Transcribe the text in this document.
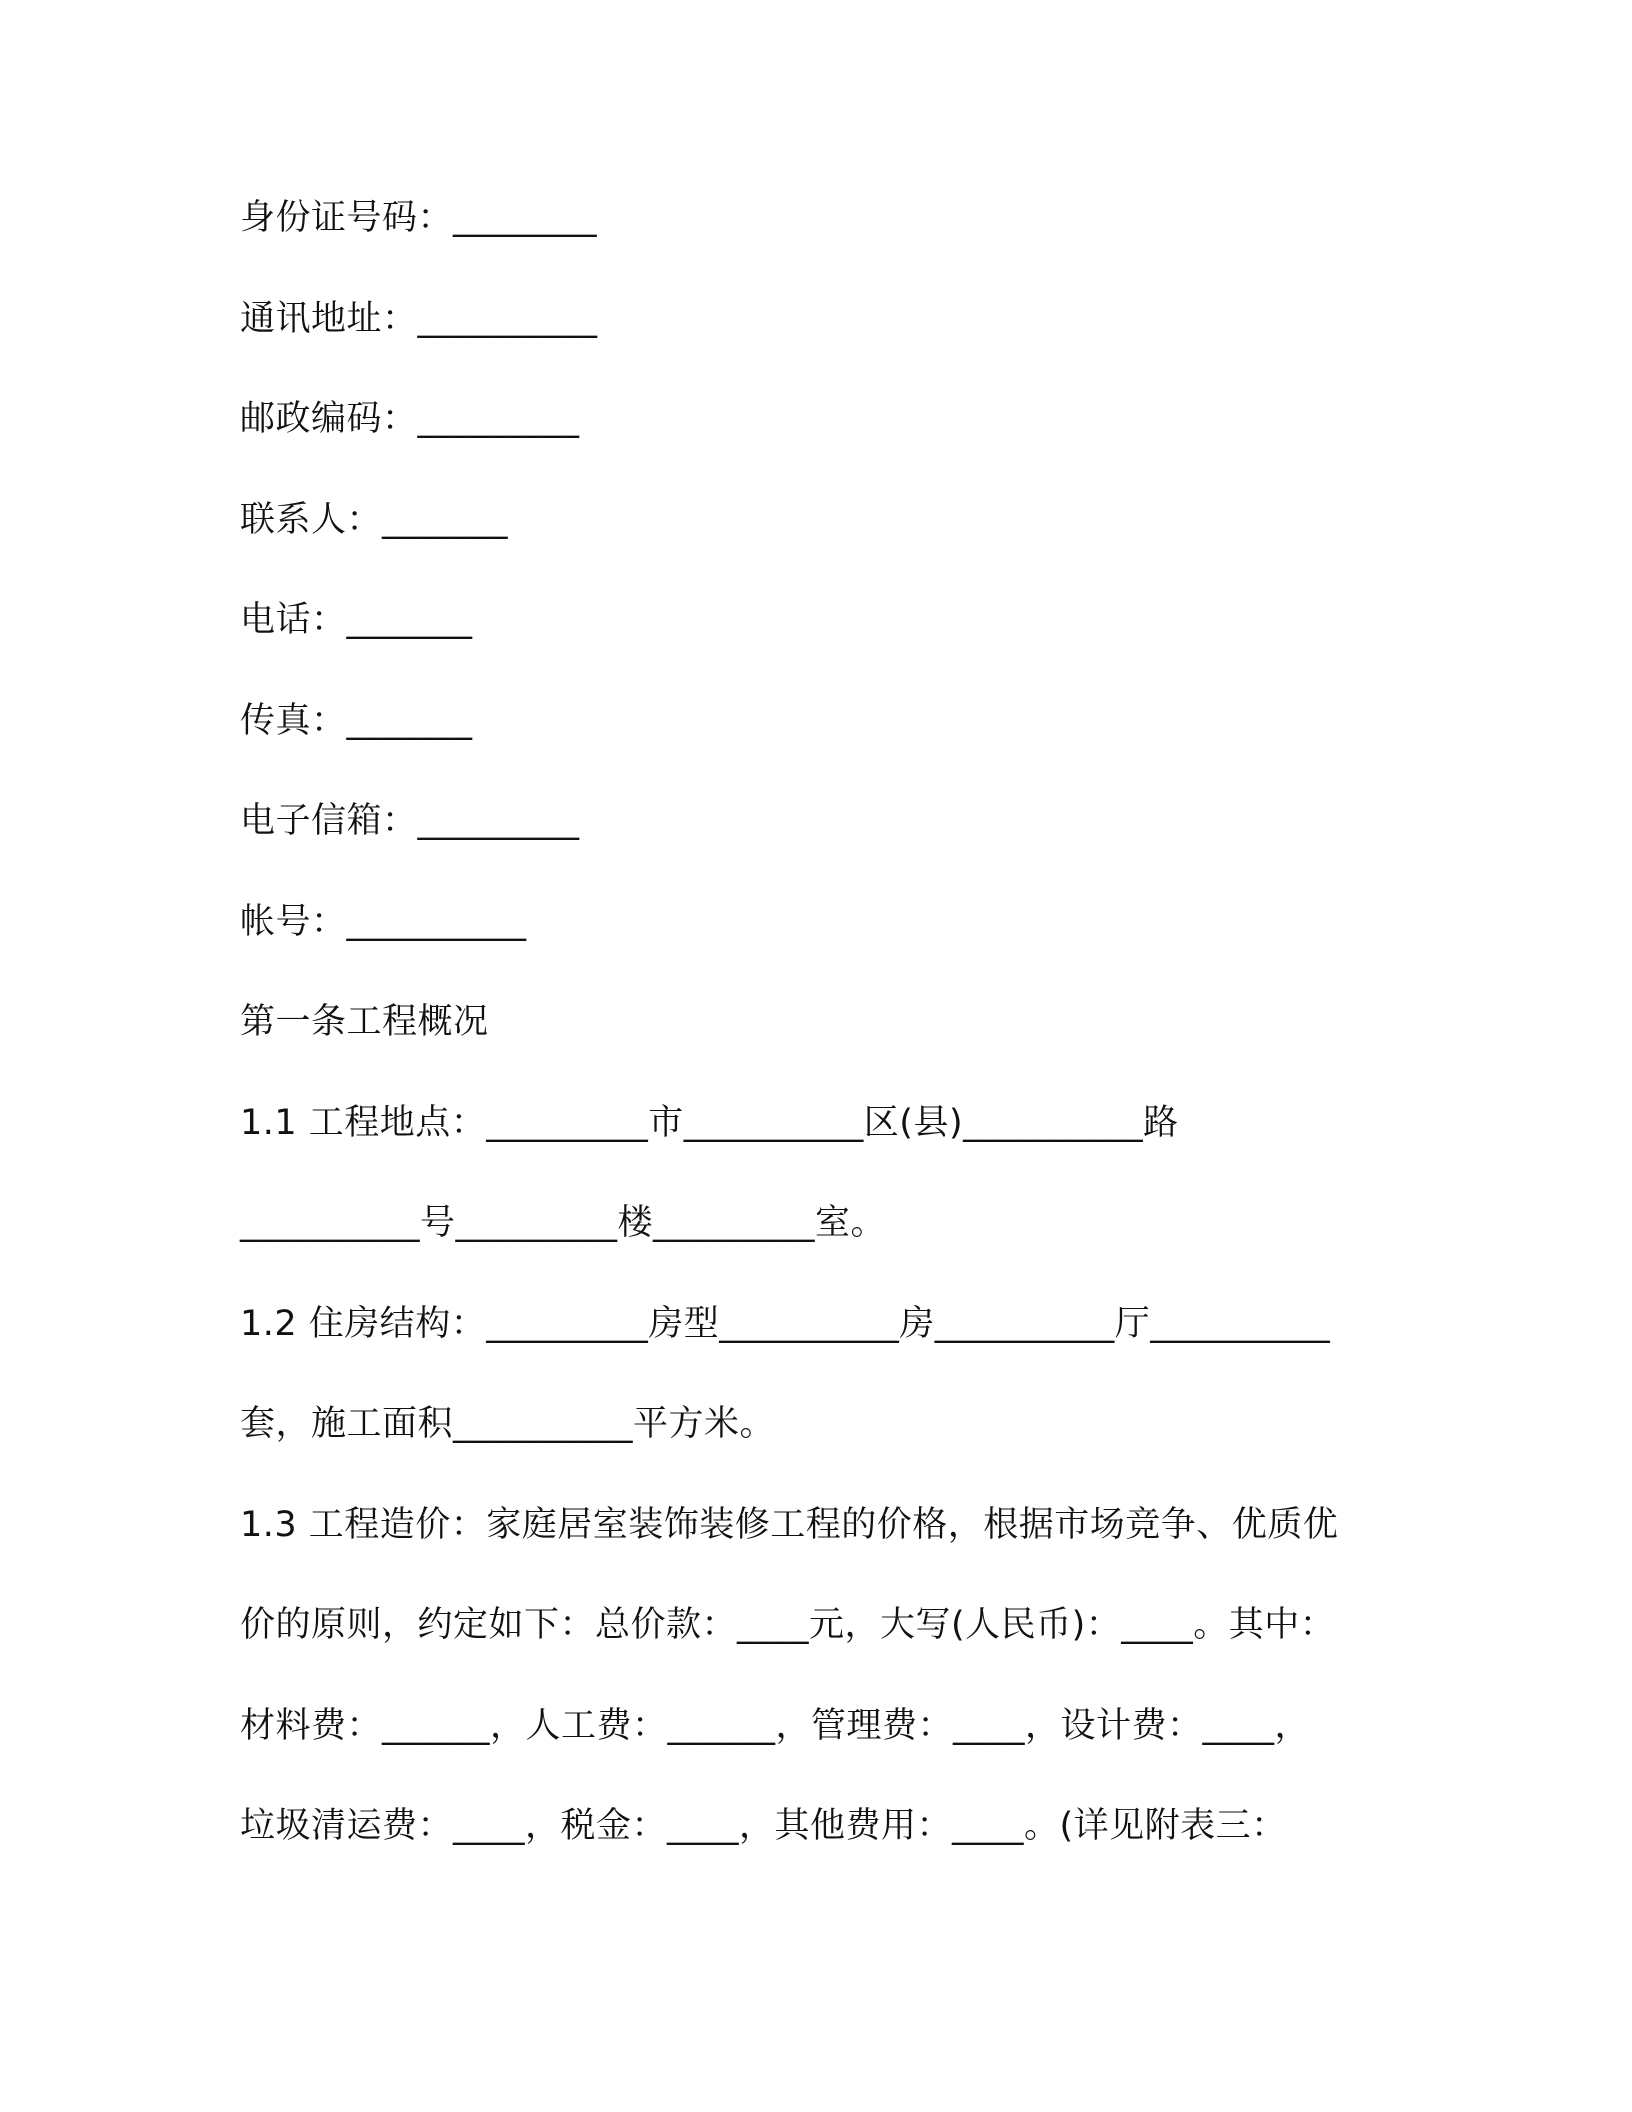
身份证号码：________
通讯地址：__________
邮政编码：_________
联系人：_______
电话：_______
传真：_______
电子信箱：_________
帐号：__________
第一条工程概况
1.1 工程地点：_________市__________区(县)__________路
__________号_________楼_________室。
1.2 住房结构：_________房型__________房__________厅__________
套，施工面积__________平方米。
1.3 工程造价：家庭居室装饰装修工程的价格，根据市场竞争、优质优
价的原则，约定如下：总价款：____元，大写(人民币)：____。其中：
材料费：______，人工费：______，管理费：____，设计费：____，
垃圾清运费：____，税金：____，其他费用：____。(详见附表三：
